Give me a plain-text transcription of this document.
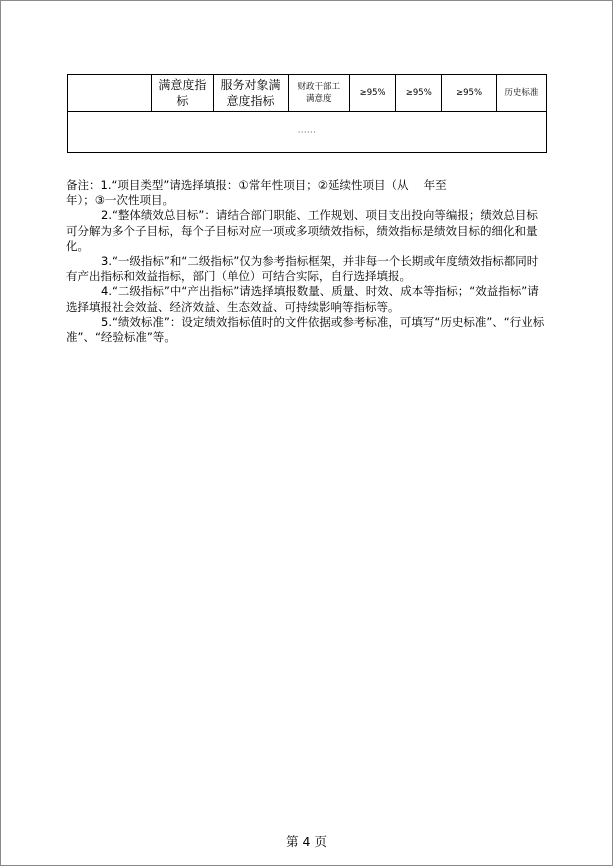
		满意度指标	服务对象满意度指标	财政干部工满意度	≥95%	≥95%	≥95%	历史标准
······

备注：1.“项目类型”请选择填报：①常年性项目；②延续性项目（从　 年至

年）；③一次性项目。

2.“整体绩效总目标”：请结合部门职能、工作规划、项目支出投向等编报；绩效总目标可分解为多个子目标，每个子目标对应一项或多项绩效指标，绩效指标是绩效目标的细化和量化。

3.“一级指标”和“二级指标”仅为参考指标框架，并非每一个长期或年度绩效指标都同时有产出指标和效益指标，部门（单位）可结合实际，自行选择填报。

4.“二级指标”中“产出指标”请选择填报数量、质量、时效、成本等指标；“效益指标”请选择填报社会效益、经济效益、生态效益、可持续影响等指标等。

5.“绩效标准”：设定绩效指标值时的文件依据或参考标准，可填写“历史标准”、“行业标准”、“经验标准”等。

第 4 页
